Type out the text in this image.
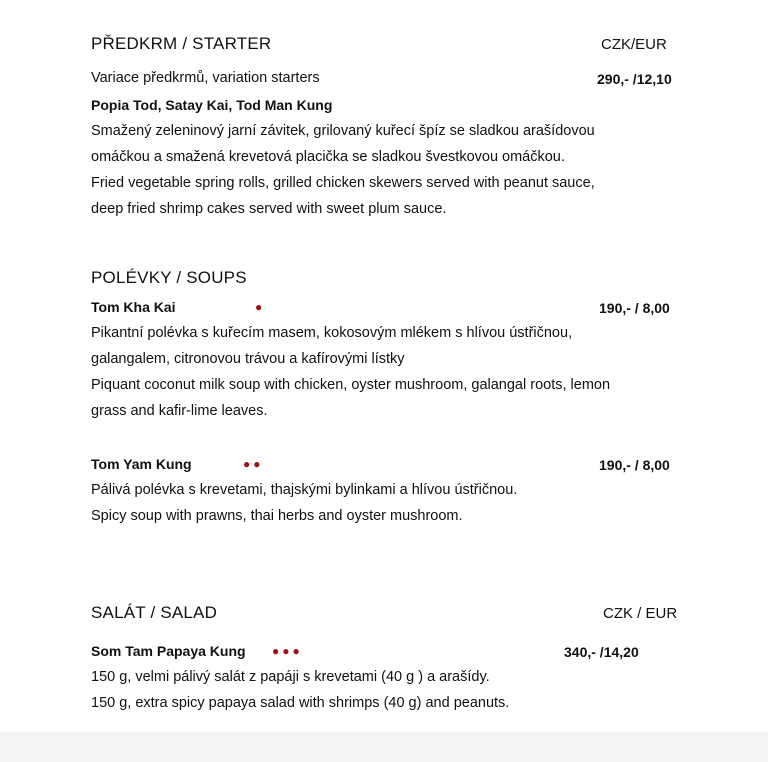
PŘEDKRM / STARTER	CZK/EUR
Variace předkrmů, variation starters	290,- /12,10
Popia Tod, Satay Kai, Tod Man Kung
Smažený zeleninový jarní závitek, grilovaný kuřecí špíz se sladkou arašídovou
omáčkou a smažená krevetová placička se sladkou švestkovou omáčkou.
Fried vegetable spring rolls, grilled chicken skewers served with peanut sauce,
deep fried shrimp cakes served with sweet plum sauce.
POLÉVKY / SOUPS
Tom Kha Kai	●	190,- / 8,00
Pikantní polévka s kuřecím masem, kokosovým mlékem s hlívou ústřičnou,
galangalem, citronovou trávou a kafírovými lístky
Piquant coconut milk soup with chicken, oyster mushroom, galangal roots, lemon
grass and kafir-lime leaves.
Tom Yam Kung	●●	190,- / 8,00
Pálivá polévka s krevetami, thajskými bylinkami a hlívou ústřičnou.
Spicy soup with prawns, thai herbs and oyster mushroom.
SALÁT / SALAD	CZK / EUR
Som Tam Papaya Kung ●●●	340,- /14,20
150 g, velmi pálivý salát z papáji s krevetami (40 g ) a arašídy.
150 g, extra spicy papaya salad with shrimps (40 g) and peanuts.
